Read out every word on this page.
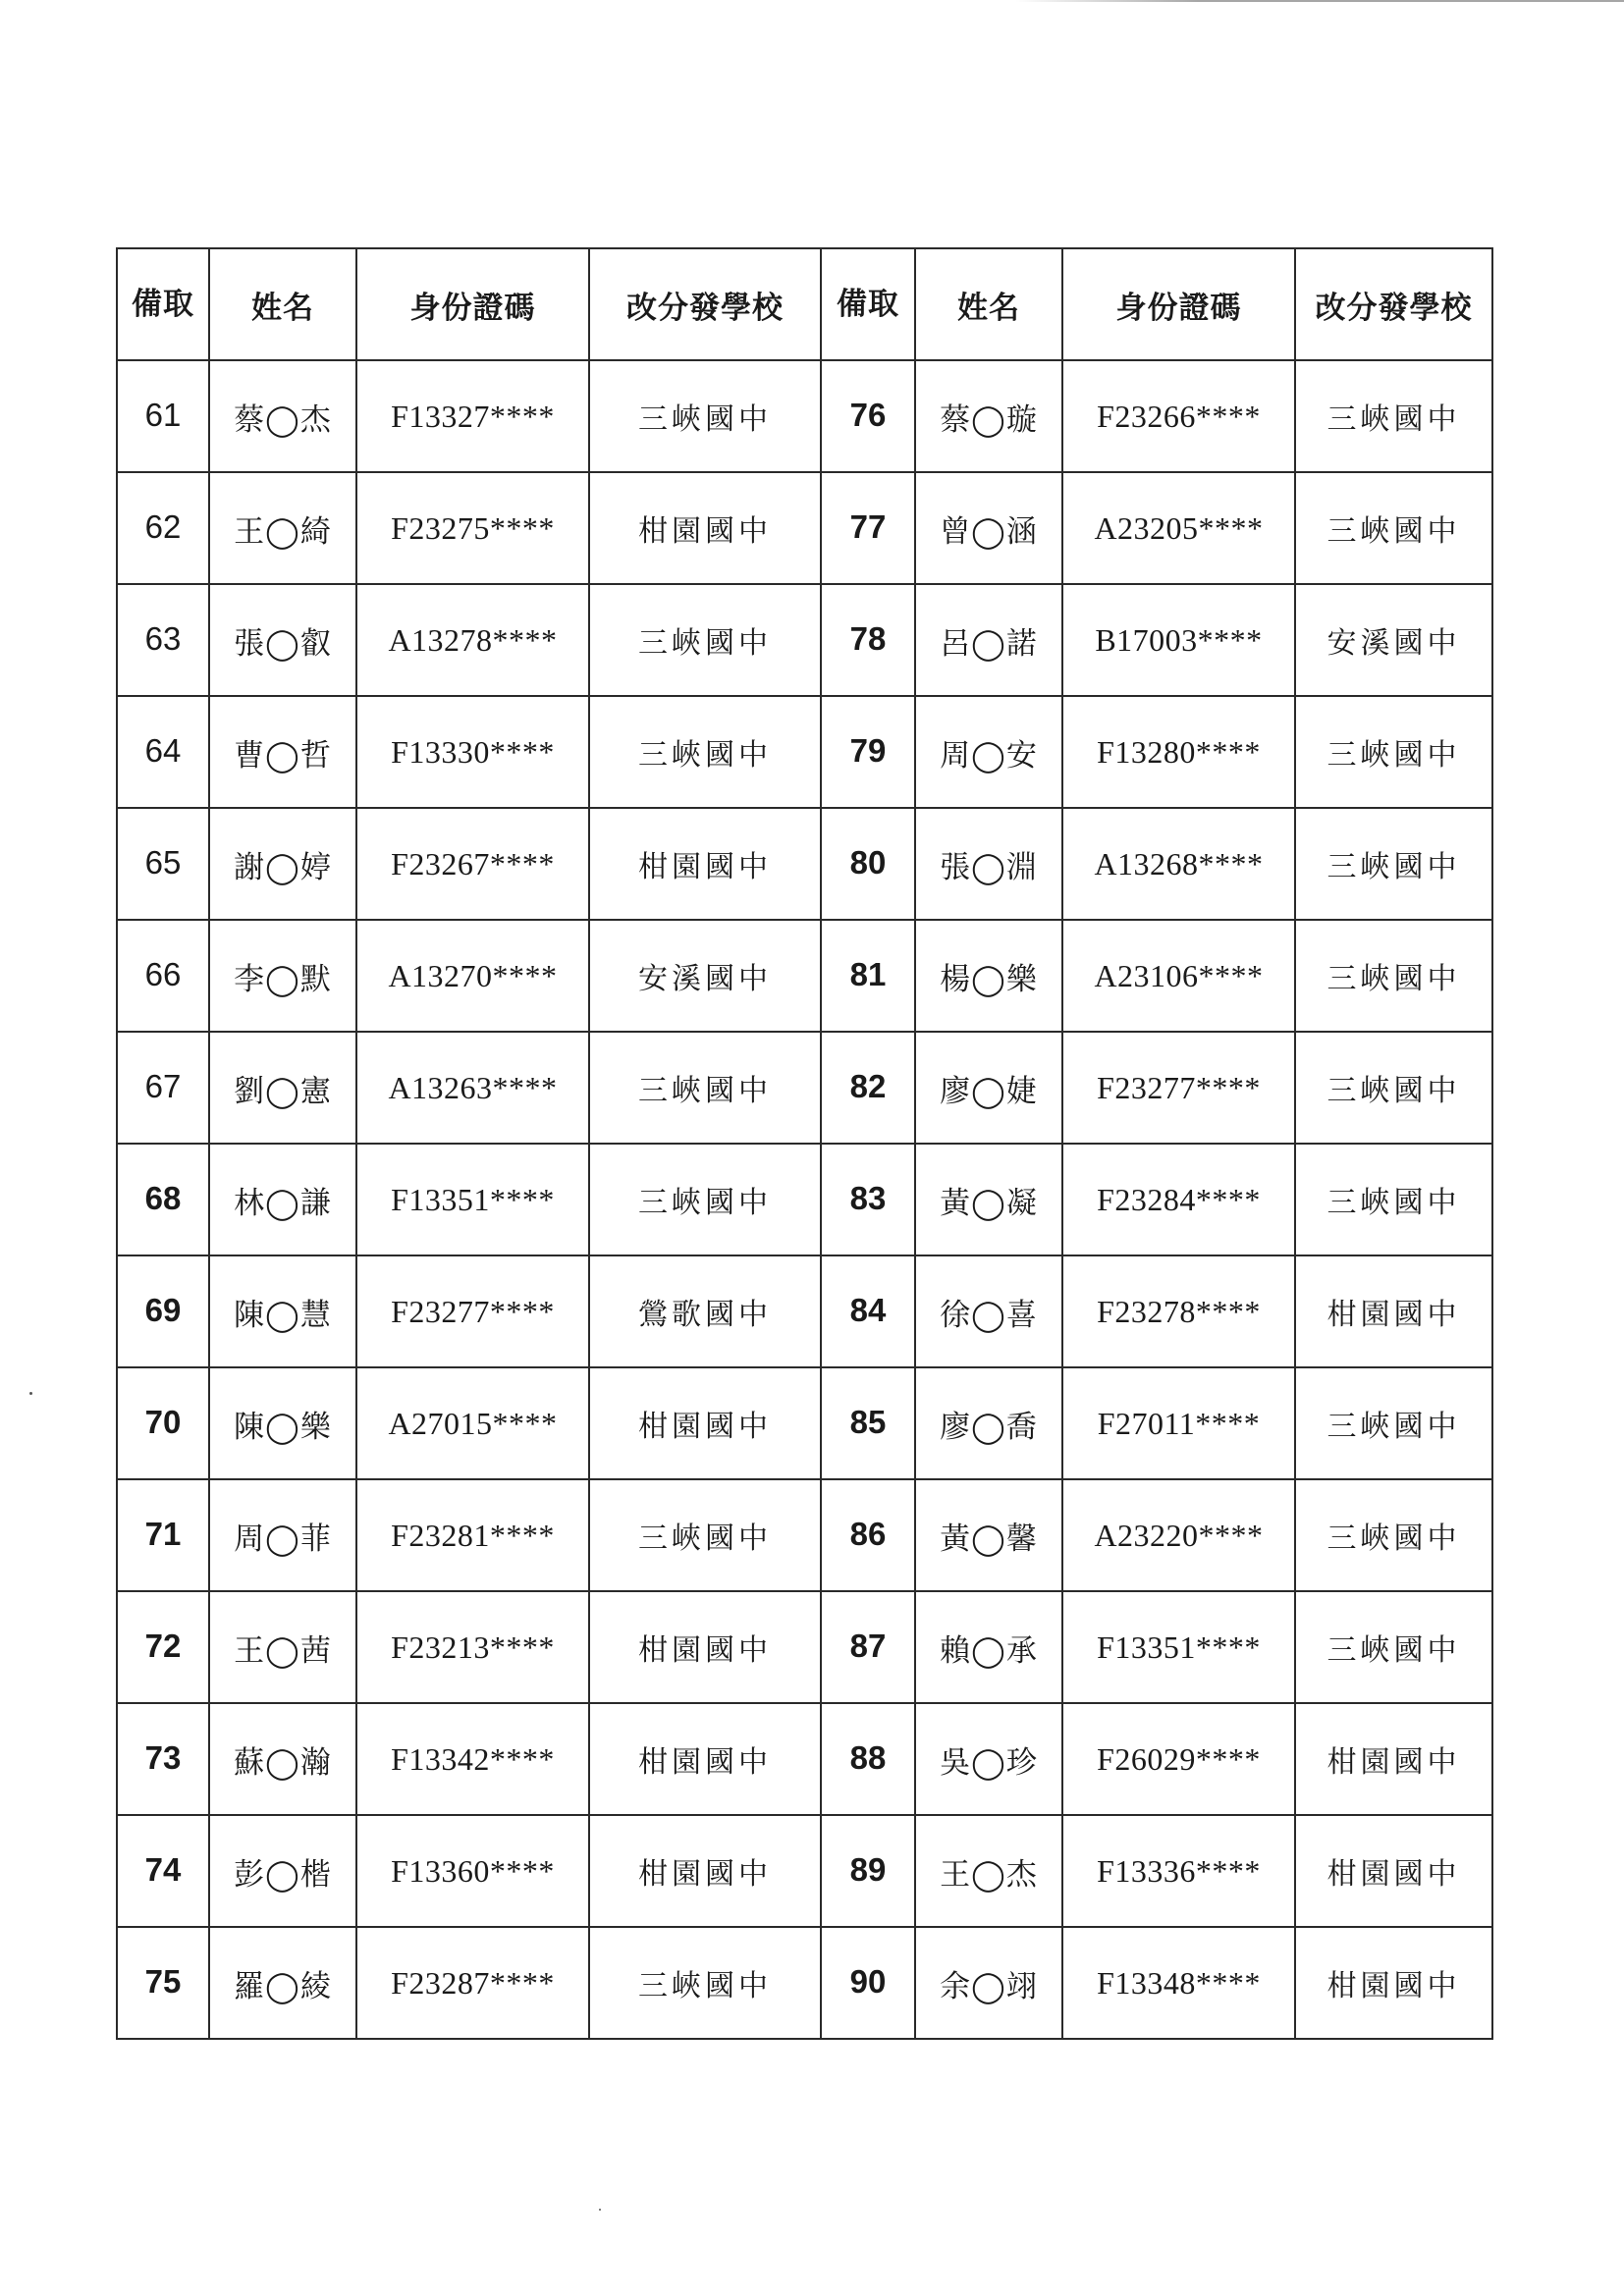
備取	姓名	身份證碼	改分發學校	備取	姓名	身份證碼	改分發學校
61	蔡◯杰	F13327****	三峽國中	76	蔡◯璇	F23266****	三峽國中
62	王◯綺	F23275****	柑園國中	77	曾◯涵	A23205****	三峽國中
63	張◯叡	A13278****	三峽國中	78	呂◯諾	B17003****	安溪國中
64	曹◯哲	F13330****	三峽國中	79	周◯安	F13280****	三峽國中
65	謝◯婷	F23267****	柑園國中	80	張◯淵	A13268****	三峽國中
66	李◯默	A13270****	安溪國中	81	楊◯樂	A23106****	三峽國中
67	劉◯憲	A13263****	三峽國中	82	廖◯婕	F23277****	三峽國中
68	林◯謙	F13351****	三峽國中	83	黃◯凝	F23284****	三峽國中
69	陳◯慧	F23277****	鶯歌國中	84	徐◯喜	F23278****	柑園國中
70	陳◯樂	A27015****	柑園國中	85	廖◯喬	F27011****	三峽國中
71	周◯菲	F23281****	三峽國中	86	黃◯馨	A23220****	三峽國中
72	王◯茜	F23213****	柑園國中	87	賴◯承	F13351****	三峽國中
73	蘇◯瀚	F13342****	柑園國中	88	吳◯珍	F26029****	柑園國中
74	彭◯楷	F13360****	柑園國中	89	王◯杰	F13336****	柑園國中
75	羅◯綾	F23287****	三峽國中	90	余◯翊	F13348****	柑園國中
